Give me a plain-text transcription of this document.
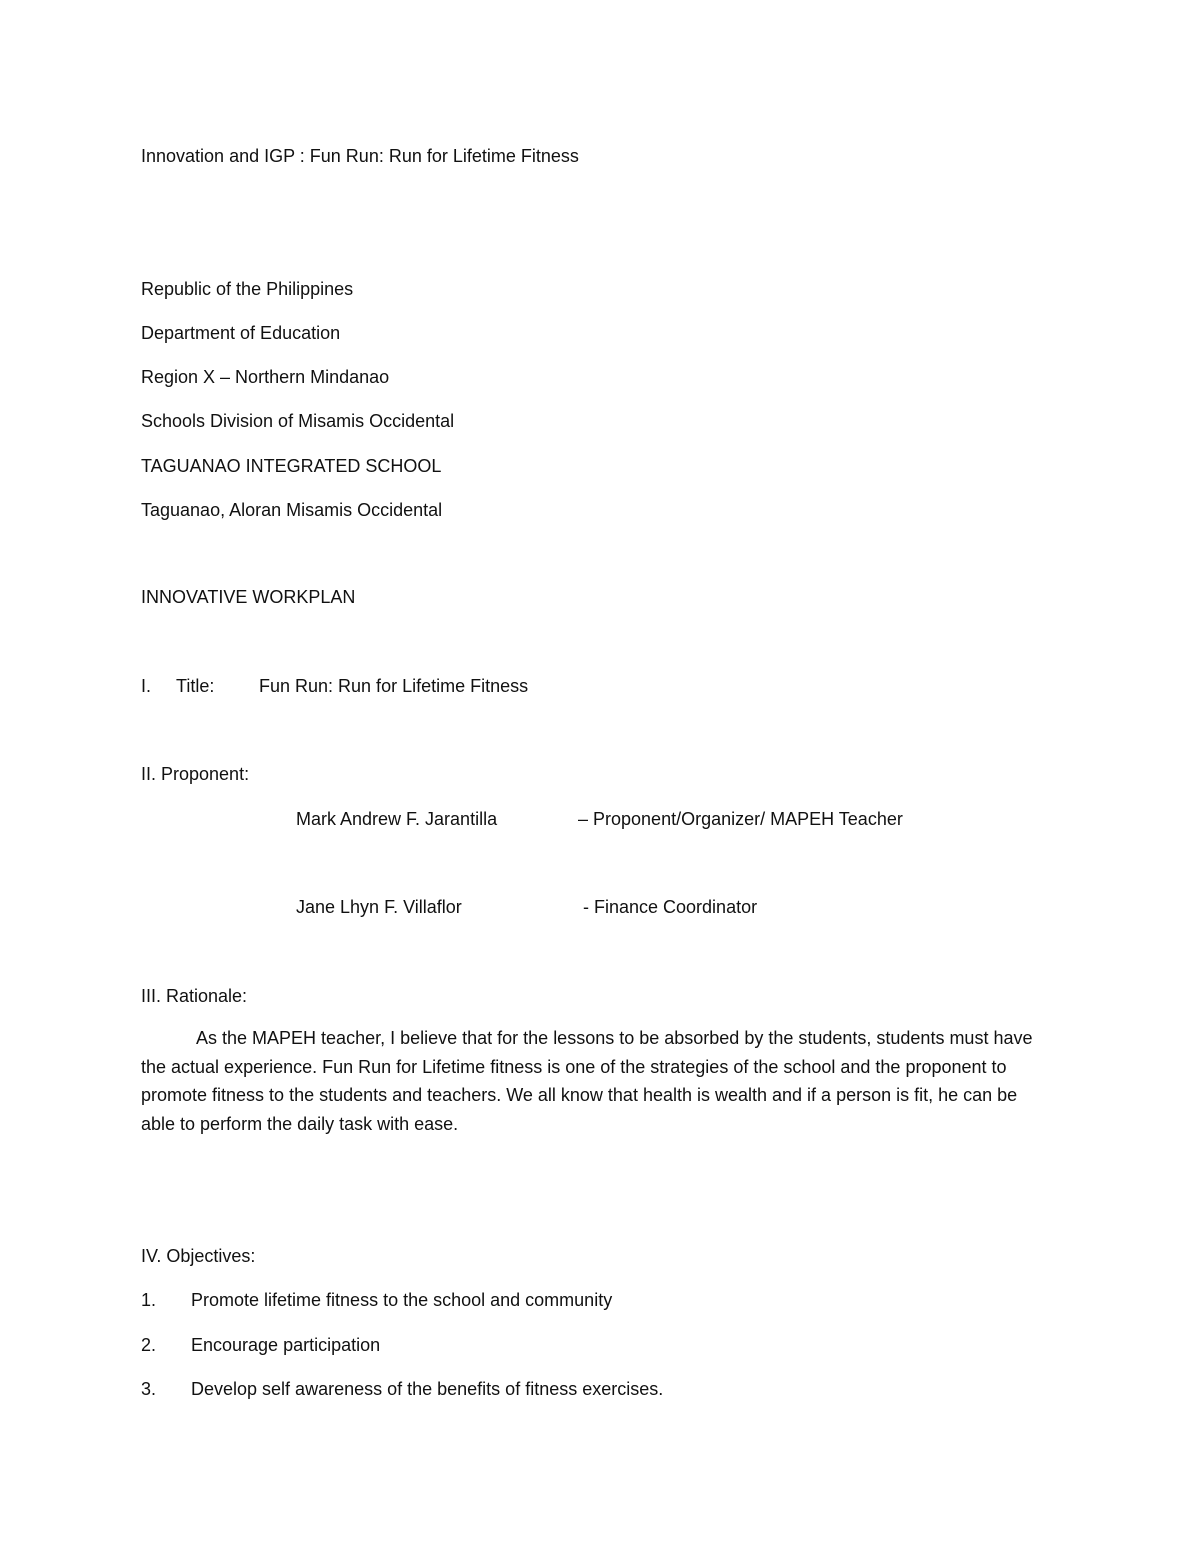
Innovation and IGP : Fun Run: Run for Lifetime Fitness
Republic of the Philippines
Department of Education
Region X – Northern Mindanao
Schools Division of Misamis Occidental
TAGUANAO INTEGRATED SCHOOL
Taguanao, Aloran Misamis Occidental
INNOVATIVE WORKPLAN
I. Title: Fun Run: Run for Lifetime Fitness
II. Proponent:
Mark Andrew F. Jarantilla	– Proponent/Organizer/ MAPEH Teacher
Jane Lhyn F. Villaflor	- Finance Coordinator
III. Rationale:
As the MAPEH teacher, I believe that for the lessons to be absorbed by the students, students must have the actual experience. Fun Run for Lifetime fitness is one of the strategies of the school and the proponent to promote fitness to the students and teachers. We all know that health is wealth and if a person is fit, he can be able to perform the daily task with ease.
IV. Objectives:
1. Promote lifetime fitness to the school and community
2. Encourage participation
3. Develop self awareness of the benefits of fitness exercises.
